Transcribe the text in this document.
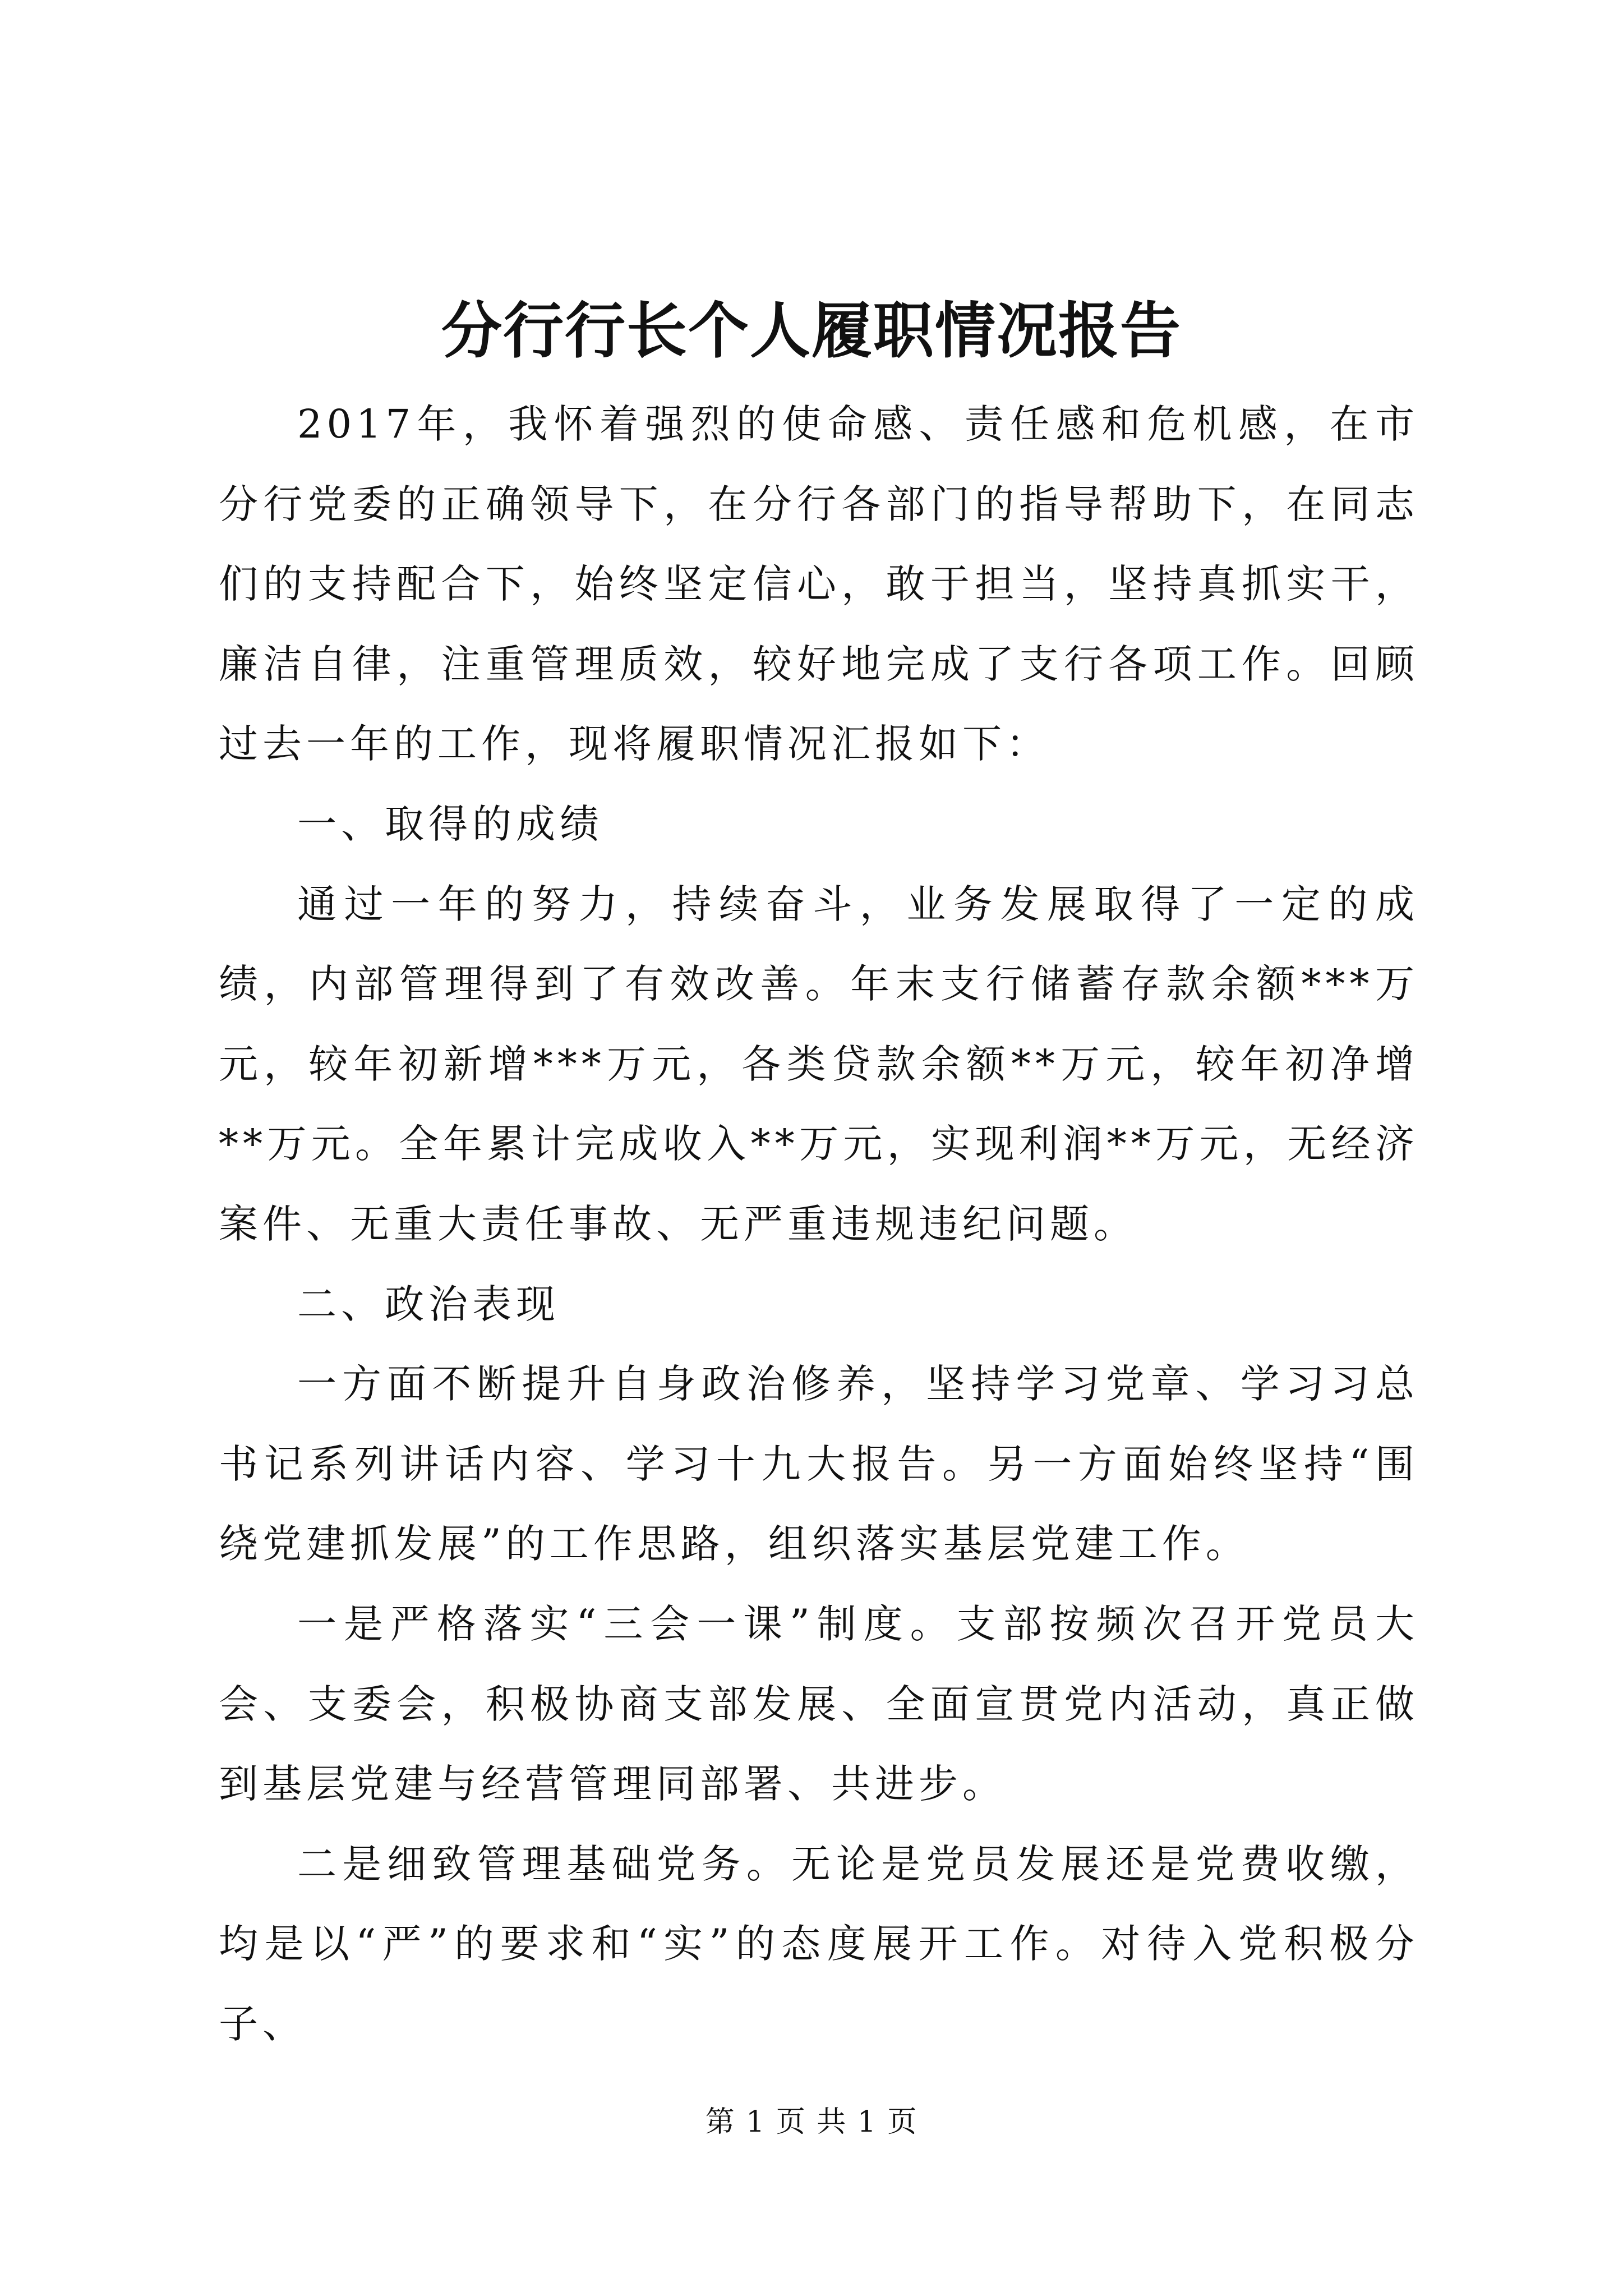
分行行长个人履职情况报告

2017年，我怀着强烈的使命感、责任感和危机感，在市分行党委的正确领导下，在分行各部门的指导帮助下，在同志们的支持配合下，始终坚定信心，敢于担当，坚持真抓实干，廉洁自律，注重管理质效，较好地完成了支行各项工作。回顾过去一年的工作，现将履职情况汇报如下：

一、取得的成绩

通过一年的努力，持续奋斗，业务发展取得了一定的成绩，内部管理得到了有效改善。年末支行储蓄存款余额***万元，较年初新增***万元，各类贷款余额**万元，较年初净增**万元。全年累计完成收入**万元，实现利润**万元，无经济案件、无重大责任事故、无严重违规违纪问题。

二、政治表现

一方面不断提升自身政治修养，坚持学习党章、学习习总书记系列讲话内容、学习十九大报告。另一方面始终坚持“围绕党建抓发展”的工作思路，组织落实基层党建工作。

一是严格落实“三会一课”制度。支部按频次召开党员大会、支委会，积极协商支部发展、全面宣贯党内活动，真正做到基层党建与经营管理同部署、共进步。

二是细致管理基础党务。无论是党员发展还是党费收缴，均是以“严”的要求和“实”的态度展开工作。对待入党积极分子、

第 1 页 共 1 页
